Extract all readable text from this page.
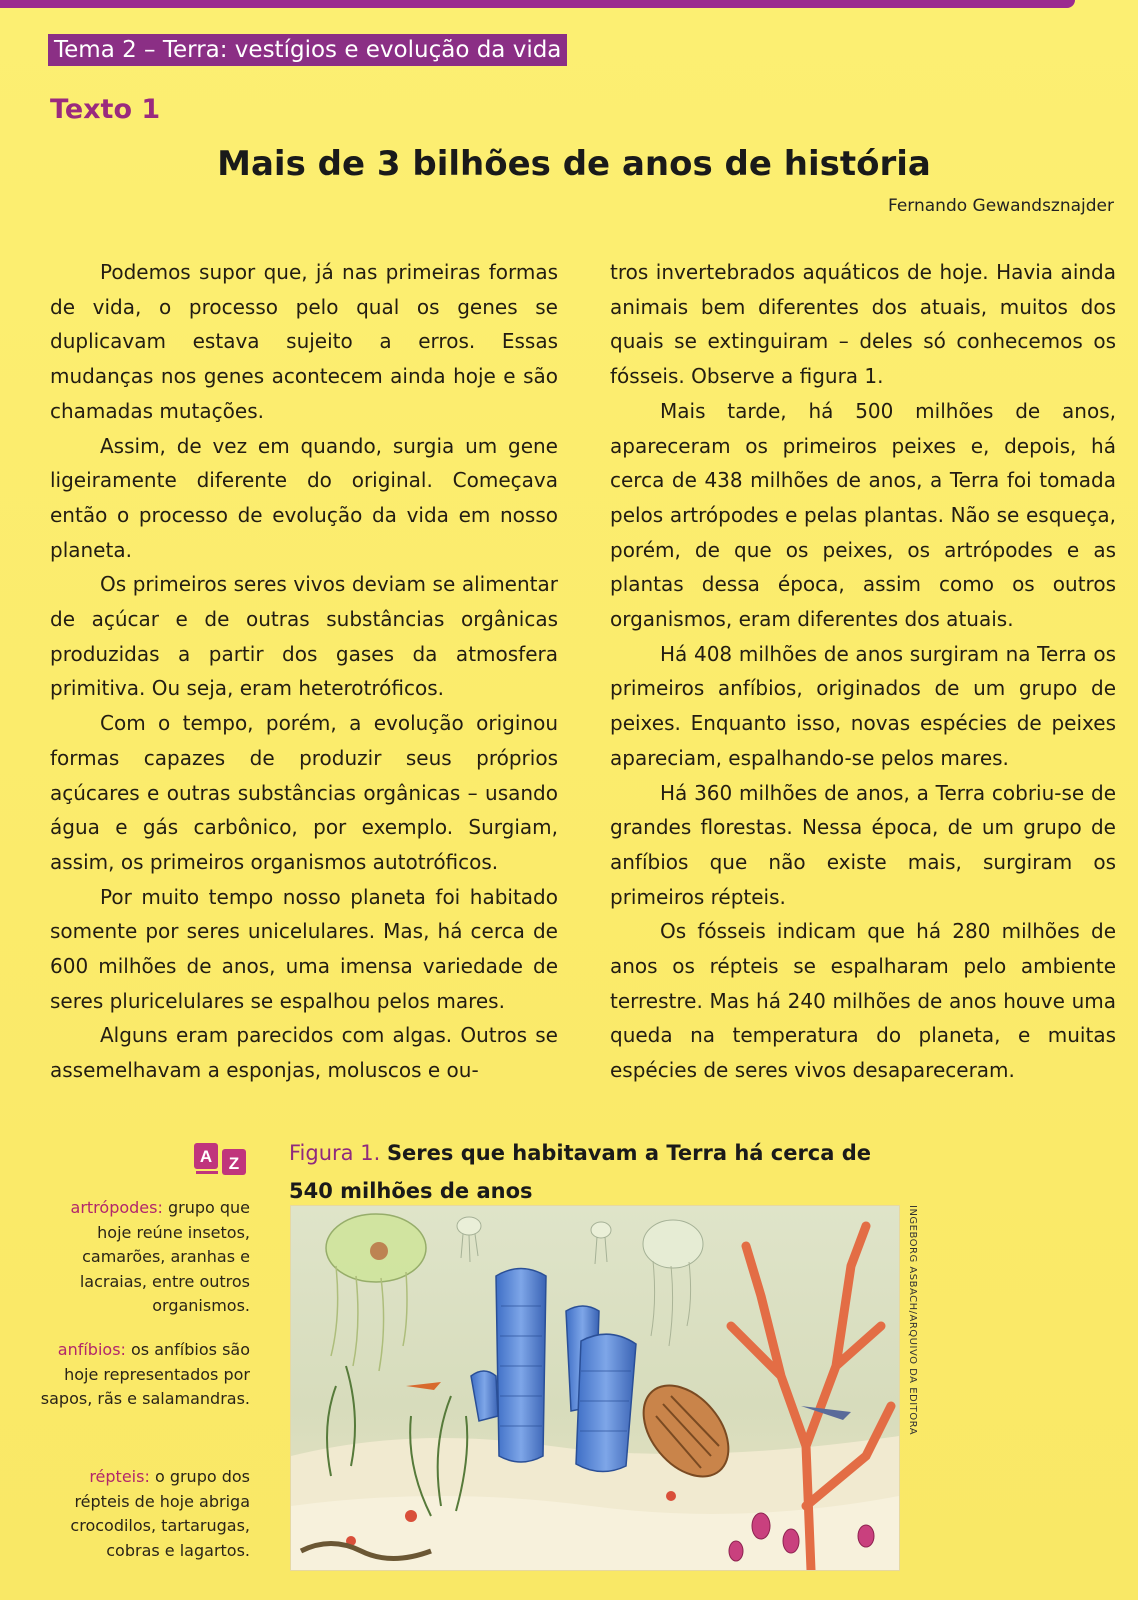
Tema 2 – Terra: vestígios e evolução da vida
Texto 1
Mais de 3 bilhões de anos de história
Fernando Gewandsznajder

Podemos supor que, já nas primeiras formas de vida, o processo pelo qual os genes se duplicavam estava sujeito a erros. Essas mudanças nos genes acontecem ainda hoje e são chamadas mutações.

Assim, de vez em quando, surgia um gene ligeiramente diferente do original. Começava então o processo de evolução da vida em nosso planeta.

Os primeiros seres vivos deviam se alimentar de açúcar e de outras substâncias orgânicas produzidas a partir dos gases da atmosfera primitiva. Ou seja, eram heterotróficos.

Com o tempo, porém, a evolução originou formas capazes de produzir seus próprios açúcares e outras substâncias orgânicas – usando água e gás carbônico, por exemplo. Surgiam, assim, os primeiros organismos autotróficos.

Por muito tempo nosso planeta foi habitado somente por seres unicelulares. Mas, há cerca de 600 milhões de anos, uma imensa variedade de seres pluricelulares se espalhou pelos mares.

Alguns eram parecidos com algas. Outros se assemelhavam a esponjas, moluscos e ou-

tros invertebrados aquáticos de hoje. Havia ainda animais bem diferentes dos atuais, muitos dos quais se extinguiram – deles só conhecemos os fósseis. Observe a figura 1.

Mais tarde, há 500 milhões de anos, apareceram os primeiros peixes e, depois, há cerca de 438 milhões de anos, a Terra foi tomada pelos artrópodes e pelas plantas. Não se esqueça, porém, de que os peixes, os artrópodes e as plantas dessa época, assim como os outros organismos, eram diferentes dos atuais.

Há 408 milhões de anos surgiram na Terra os primeiros anfíbios, originados de um grupo de peixes. Enquanto isso, novas espécies de peixes apareciam, espalhando-se pelos mares.

Há 360 milhões de anos, a Terra cobriu-se de grandes florestas. Nessa época, de um grupo de anfíbios que não existe mais, surgiram os primeiros répteis.

Os fósseis indicam que há 280 milhões de anos os répteis se espalharam pelo ambiente terrestre. Mas há 240 milhões de anos houve uma queda na temperatura do planeta, e muitas espécies de seres vivos desapareceram.

A Z
artrópodes: grupo que hoje reúne insetos, camarões, aranhas e lacraias, entre outros organismos.
anfíbios: os anfíbios são hoje representados por sapos, rãs e salamandras.
répteis: o grupo dos répteis de hoje abriga crocodilos, tartarugas, cobras e lagartos.
Figura 1. Seres que habitavam a Terra há cerca de 540 milhões de anos
INGEBORG ASBACH/ARQUIVO DA EDITORA
